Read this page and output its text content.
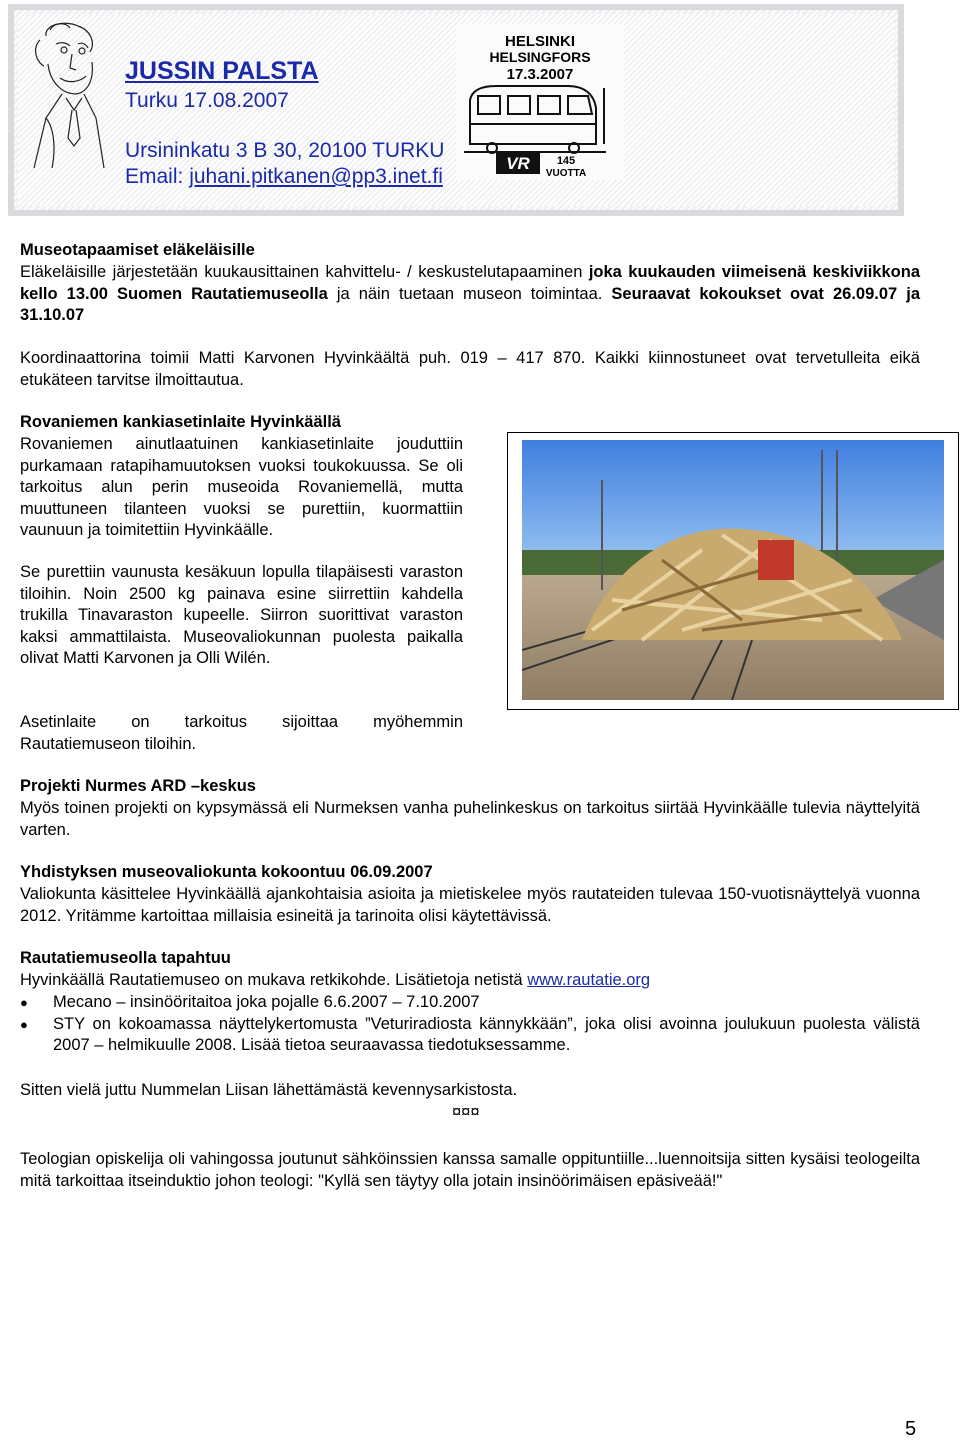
JUSSIN PALSTA
Turku 17.08.2007
Ursininkatu 3 B 30, 20100 TURKU
Email: juhani.pitkanen@pp3.inet.fi
HELSINKI
HELSINGFORS
17.3.2007
VR 145
VUOTTA
Museotapaamiset eläkeläisille
Eläkeläisille järjestetään kuukausittainen kahvittelu- / keskustelutapaaminen joka kuukauden viimeisenä keskiviikkona kello 13.00 Suomen Rautatiemuseolla ja näin tuetaan museon toimintaa. Seuraavat kokoukset ovat 26.09.07 ja 31.10.07
Koordinaattorina toimii Matti Karvonen Hyvinkäältä puh. 019 – 417 870. Kaikki kiinnostuneet ovat tervetulleita eikä etukäteen tarvitse ilmoittautua.
Rovaniemen kankiasetinlaite Hyvinkäällä
Rovaniemen ainutlaatuinen kankiasetinlaite jouduttiin purkamaan ratapihamuutoksen vuoksi toukokuussa. Se oli tarkoitus alun perin museoida Rovaniemellä, mutta muuttuneen tilanteen vuoksi se purettiin, kuormattiin vaunuun ja toimitettiin Hyvinkäälle.
Se purettiin vaunusta kesäkuun lopulla tilapäisesti varaston tiloihin. Noin 2500 kg painava esine siirrettiin kahdella trukilla Tinavaraston kupeelle. Siirron suorittivat varaston kaksi ammattilaista. Museovaliokunnan puolesta paikalla olivat Matti Karvonen ja Olli Wilén.
Asetinlaite on tarkoitus sijoittaa myöhemmin Rautatiemuseon tiloihin.
Projekti Nurmes ARD –keskus
Myös toinen projekti on kypsymässä eli Nurmeksen vanha puhelinkeskus on tarkoitus siirtää Hyvinkäälle tulevia näyttelyitä varten.
Yhdistyksen museovaliokunta kokoontuu 06.09.2007
Valiokunta käsittelee Hyvinkäällä ajankohtaisia asioita ja mietiskelee myös rautateiden tulevaa 150-vuotisnäyttelyä vuonna 2012. Yritämme kartoittaa millaisia esineitä ja tarinoita olisi käytettävissä.
Rautatiemuseolla tapahtuu
Hyvinkäällä Rautatiemuseo on mukava retkikohde. Lisätietoja netistä www.rautatie.org
● Mecano – insinööritaitoa joka pojalle 6.6.2007 – 7.10.2007
● STY on kokoamassa näyttelykertomusta ”Veturiradiosta kännykkään”, joka olisi avoinna joulukuun puolesta välistä 2007 – helmikuulle 2008. Lisää tietoa seuraavassa tiedotuksessamme.
Sitten vielä juttu Nummelan Liisan lähettämästä kevennysarkistosta.
¤¤¤
Teologian opiskelija oli vahingossa joutunut sähköinssien kanssa samalle oppituntiille...luennoitsija sitten kysäisi teologeilta mitä tarkoittaa itseinduktio johon teologi: "Kyllä sen täytyy olla jotain insinöörimäisen epäsiveää!"
5
